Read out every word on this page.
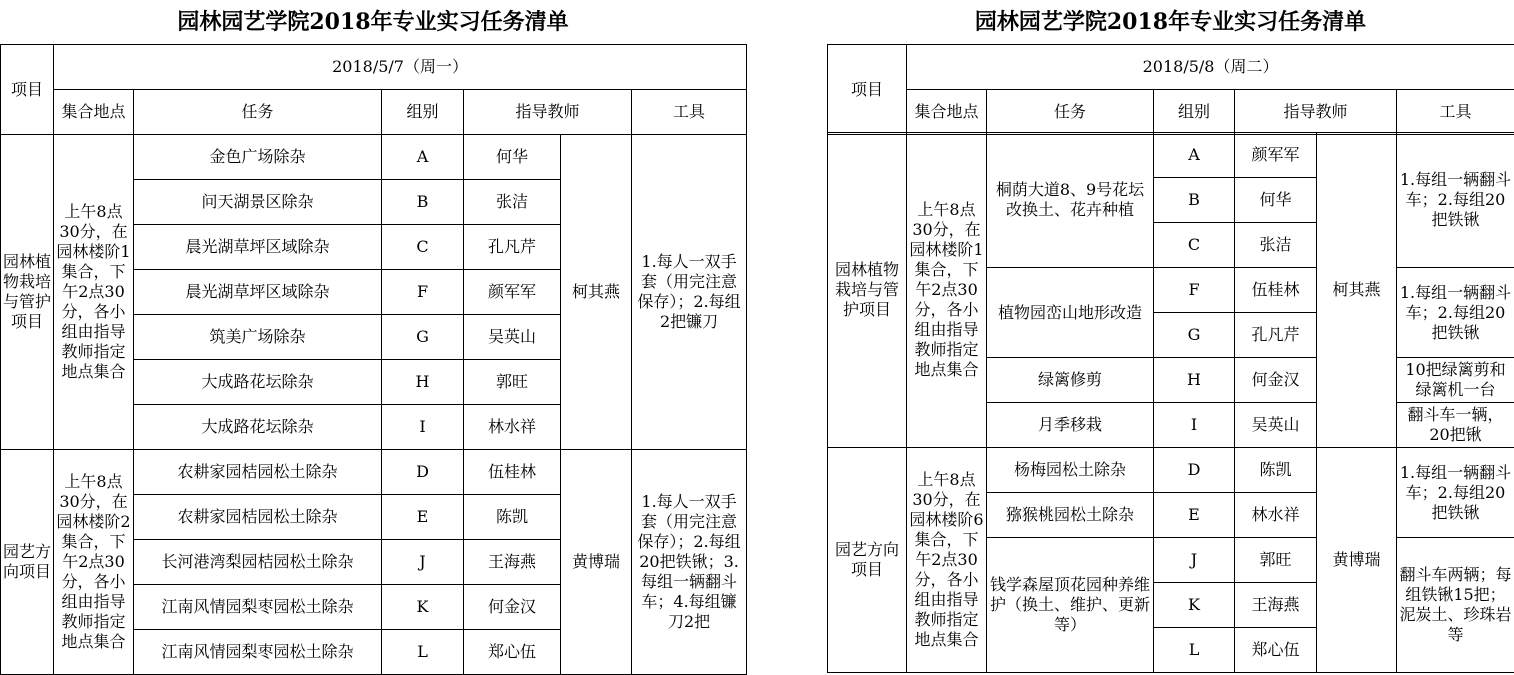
园林园艺学院2018年专业实习任务清单
项目	2018/5/7（周一）					
	集合地点	任务	组别	指导教师		工具
园林植物栽培与管护项目	上午8点30分，在园林楼阶1集合，下午2点30分，各小组由指导教师指定地点集合	金色广场除杂	A	何华	柯其燕	1.每人一双手套（用完注意保存）；2.每组2把镰刀
		问天湖景区除杂	B	张洁		
		晨光湖草坪区域除杂	C	孔凡芹		
		晨光湖草坪区域除杂	F	颜军军		
		筑美广场除杂	G	吴英山		
		大成路花坛除杂	H	郭旺		
		大成路花坛除杂	I	林水祥		
园艺方向项目	上午8点30分，在园林楼阶2集合，下午2点30分，各小组由指导教师指定地点集合	农耕家园桔园松土除杂	D	伍桂林	黄博瑞	1.每人一双手套（用完注意保存）；2.每组20把铁锹；3.每组一辆翻斗车；4.每组镰刀2把
		农耕家园桔园松土除杂	E	陈凯		
		长河港湾梨园桔园松土除杂	J	王海燕		
		江南风情园梨枣园松土除杂	K	何金汉		
		江南风情园梨枣园松土除杂	L	郑心伍		
园林园艺学院2018年专业实习任务清单
项目	2018/5/8（周二）				
	集合地点	任务	组别	指导教师	工具
园林植物栽培与管护项目	上午8点30分，在园林楼阶1集合，下午2点30分，各小组由指导教师指定地点集合	桐荫大道8、9号花坛改换土、花卉种植	A	颜军军	柯其燕	1.每组一辆翻斗车；2.每组20把铁锹
			B	何华		
			C	张洁		
		植物园峦山地形改造	F	伍桂林		1.每组一辆翻斗车；2.每组20把铁锹
			G	孔凡芹		
		绿篱修剪	H	何金汉		10把绿篱剪和绿篱机一台
		月季移栽	I	吴英山		翻斗车一辆，20把锹
园艺方向项目	上午8点30分，在园林楼阶6集合，下午2点30分，各小组由指导教师指定地点集合	杨梅园松土除杂	D	陈凯	黄博瑞	1.每组一辆翻斗车；2.每组20把铁锹
		猕猴桃园松土除杂	E	林水祥		
		钱学森屋顶花园种养维护（换土、维护、更新等）	J	郭旺		翻斗车两辆；每组铁锹15把；泥炭土、珍珠岩等
			K	王海燕		
			L	郑心伍		
